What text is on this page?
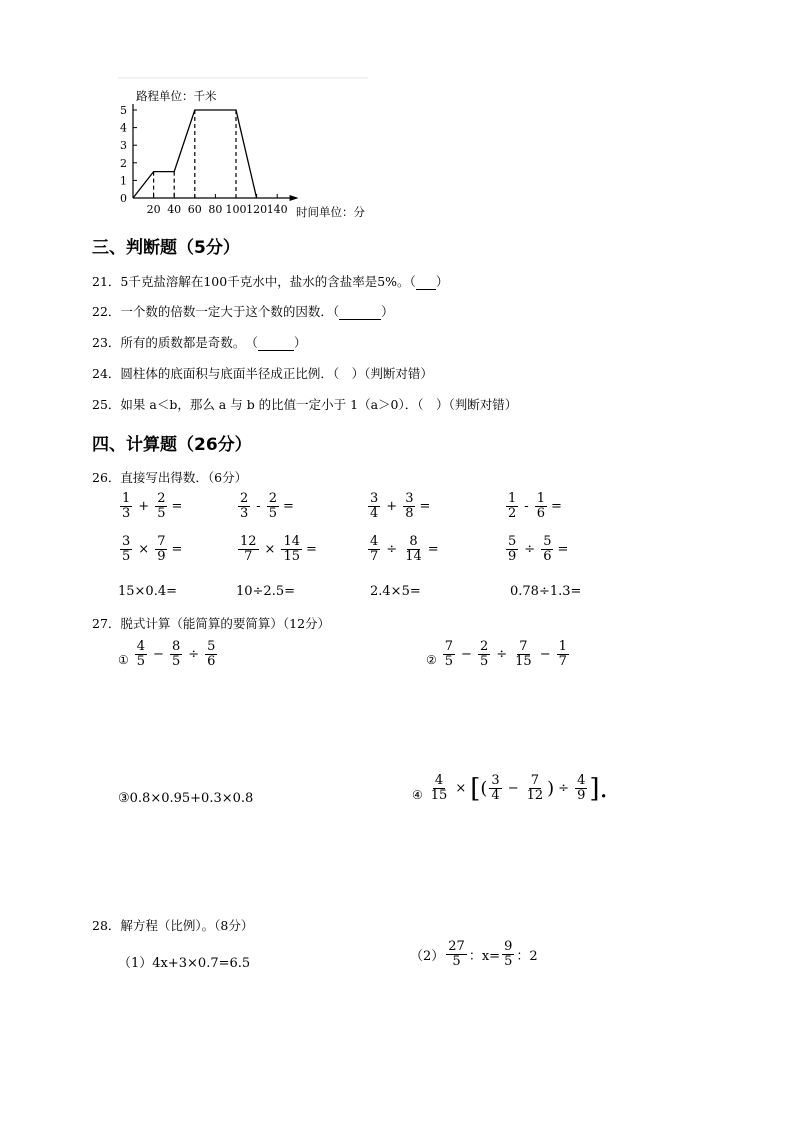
0
1
2
3
4
5
20 40 60 80 100 120 140
路程单位：千米
时间单位：分
三、判断题（5分）
21．5千克盐溶解在100千克水中，盐水的含盐率是5%。（ ）
22．一个数的倍数一定大于这个数的因数．（	）
23．所有的质数都是奇数。　（	）
24．圆柱体的底面积与底面半径成正比例．（　）（判断对错）
25．如果 a＜b，那么 a 与 b 的比值一定小于 1（a＞0）．（　）（判断对错）
四、计算题（26分）
26．直接写出得数．（6分）
$\frac{1}{3} + \frac{2}{5}$ =	$\frac{2}{3} - \frac{2}{5}$ =	$\frac{3}{4} + \frac{3}{8}$ =	$\frac{1}{2} - \frac{1}{6}$ =
$\frac{3}{5} \times \frac{7}{9}$ =	$\frac{12}{7} \times \frac{14}{15}$ =	$\frac{4}{7} \div \frac{8}{14}$ =	$\frac{5}{9} \div \frac{5}{6}$ =
15×0.4=	10÷2.5=	2.4×5=	0.78÷1.3=
27．脱式计算（能简算的要简算）（12分）
① $\frac{4}{5} - \frac{8}{5} \div \frac{5}{6}$	② $\frac{7}{5} - \frac{2}{5} \div \frac{7}{15} - \frac{1}{7}$
③0.8×0.95+0.3×0.8	④ $\frac{4}{15}$ × [ ( $\frac{3}{4} - \frac{7}{12}$ ) ÷ $\frac{4}{9}$ ].
28．解方程（比例）。（8分）
（1）4x+3×0.7=6.5	$(2) \frac{27}{5}$ ：$x= \frac{9}{5}$ ：2
